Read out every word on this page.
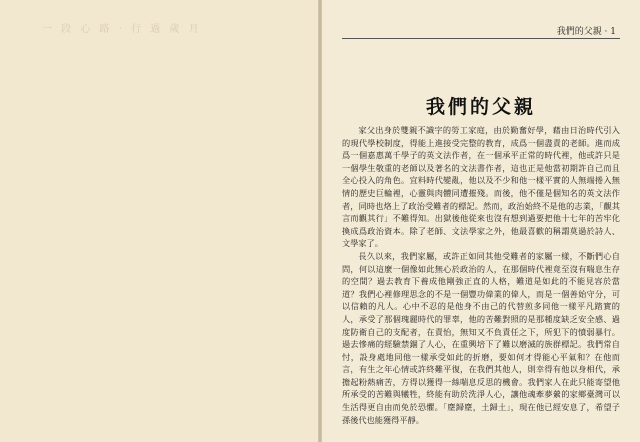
一 段 心 路 · 行 過 歲 月	我們的父親 · 1
我們的父親

家父出身於雙親不識字的勞工家庭，由於勤奮好學，藉由日治時代引入的現代學校制度，得能上進接受完整的教育，成爲一個盡責的老師。進而成爲一個嘉惠萬千學子的英文法作者，在一個承平正常的時代裡，他或許只是一個學生敬重的老師以及著名的文法書作者，這也正是他當初期許自己而且全心投入的角色。宜料時代變亂，他以及不少和他一樣平實的人無端捲入無情的歷史巨輪裡，心靈與肉體同遭摧殘。而後，他不僅是個知名的英文法作者，同時也烙上了政治受難者的標記。然而，政治始終不是他的志業，「觀其言而觀其行」不難得知。出獄後他從來也沒有想到過要把他十七年的苦牢化換成爲政治資本。除了老師、文法學家之外，他最喜歡的稱謂莫過於詩人、文學家了。

長久以來，我們家屬，或許正如同其他受難者的家屬一樣，不斷們心自問，何以這麼一個像如此無心於政治的人，在那個時代裡竟至沒有喘息生存的空間？過去教育下養成他剛強正直的人格，難道是如此的不能見容於當道？我們心裡修理思念的不是一個豐功偉業的偉人，而是一個善始守分，可以信賴的凡人。心中不忍的是他身不由己的代替煎多同他一樣平凡踏實的人，承受了那個瑰麗時代的罪辜，他的苦難對照的是那種度缺乏安全感、過度防衛自己的支配者，在責怡，無知又不負責任之下，所犯下的憤弱暴行。過去慘痛的經驗禁錮了人心，在重興培下了難以磨滅的族群標記。我們常自忖，設身處地同他一樣承受如此的折磨，要如何才得能心平氣和？在他而言，有生之年心情或許終難平復，在我們其他人，則幸得有他以身相代，承擔起粉熱痛苦，方得以獲得一絲喘息反思的機會。我們家人在此只能寄望他所承受的苦難與犧牲，終能有助於洗淨人心，讓他魂牽夢縈的家鄉臺灣可以生活得更自由而免於恐懼。「塵歸塵，土歸土」，現在他已經安息了，希望子孫後代也能獲得平靜。
